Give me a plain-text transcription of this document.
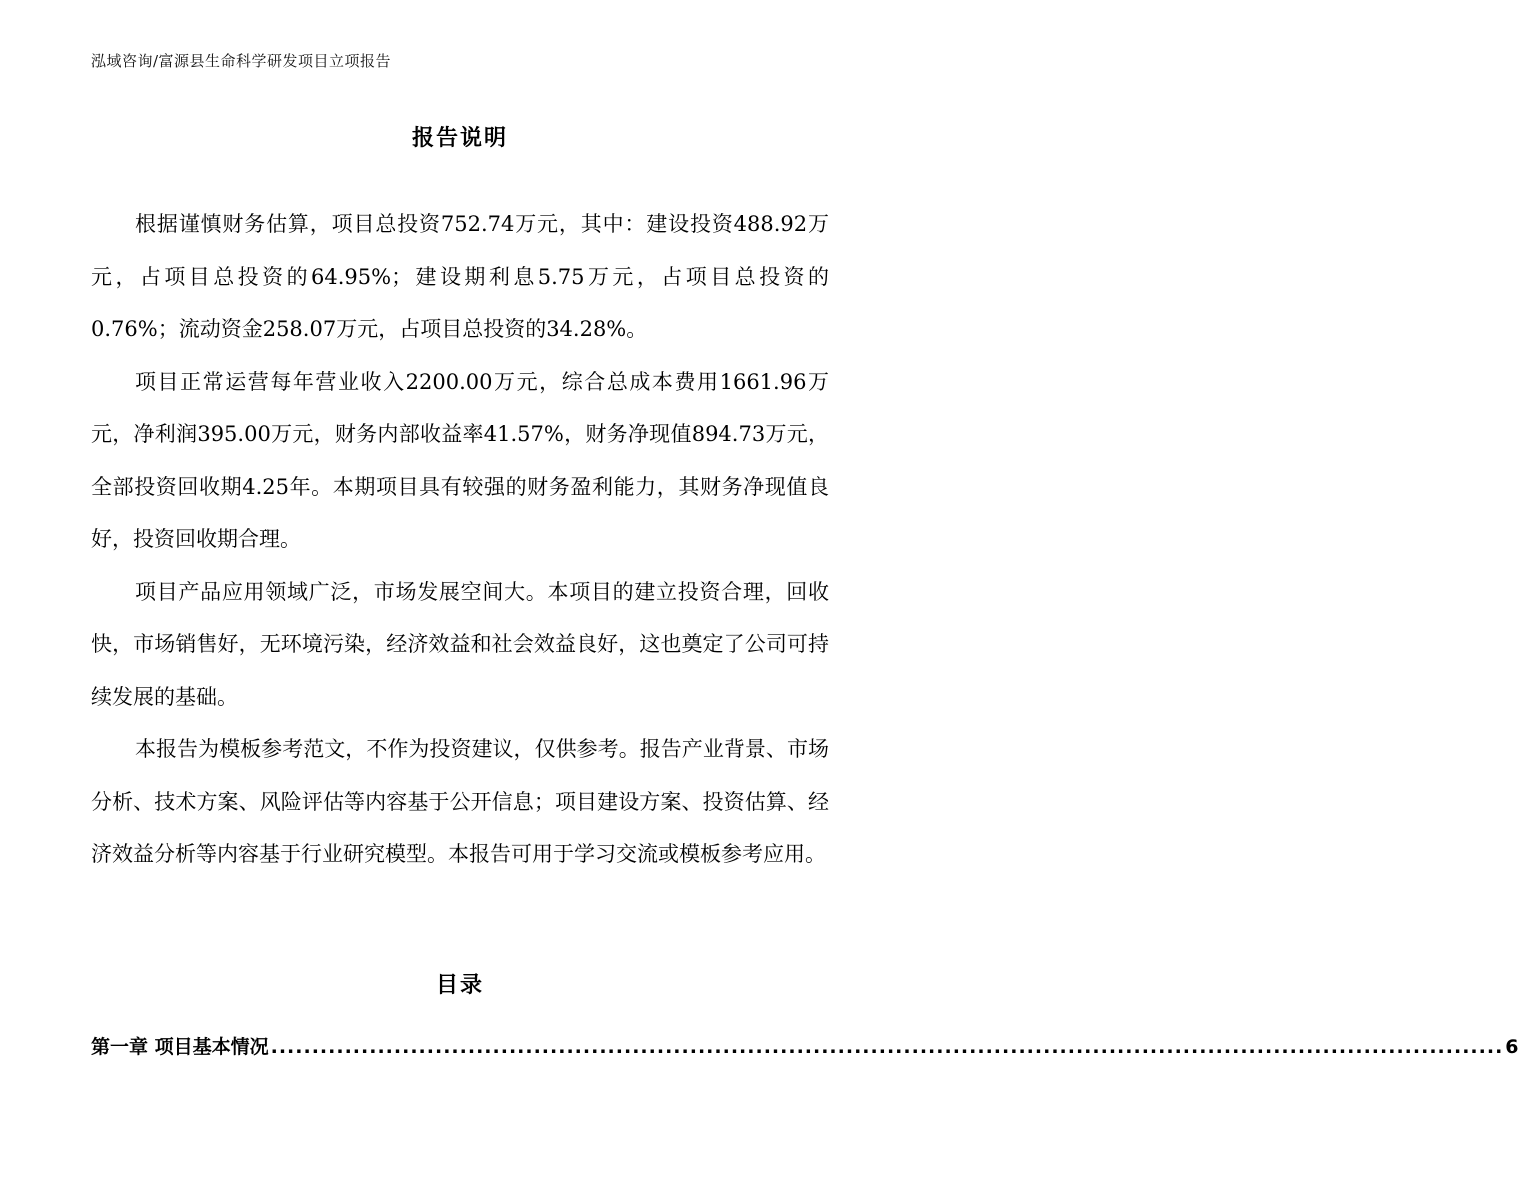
泓域咨询/富源县生命科学研发项目立项报告
报告说明

根据谨慎财务估算，项目总投资752.74万元，其中：建设投资488.92万元，占项目总投资的64.95%；建设期利息5.75万元，占项目总投资的0.76%；流动资金258.07万元，占项目总投资的34.28%。

项目正常运营每年营业收入2200.00万元，综合总成本费用1661.96万元，净利润395.00万元，财务内部收益率41.57%，财务净现值894.73万元，全部投资回收期4.25年。本期项目具有较强的财务盈利能力，其财务净现值良好，投资回收期合理。

项目产品应用领域广泛，市场发展空间大。本项目的建立投资合理，回收快，市场销售好，无环境污染，经济效益和社会效益良好，这也奠定了公司可持续发展的基础。

本报告为模板参考范文，不作为投资建议，仅供参考。报告产业背景、市场分析、技术方案、风险评估等内容基于公开信息；项目建设方案、投资估算、经济效益分析等内容基于行业研究模型。本报告可用于学习交流或模板参考应用。

目录
第一章 项目基本情况 ...................................................................................................................................................... 6
